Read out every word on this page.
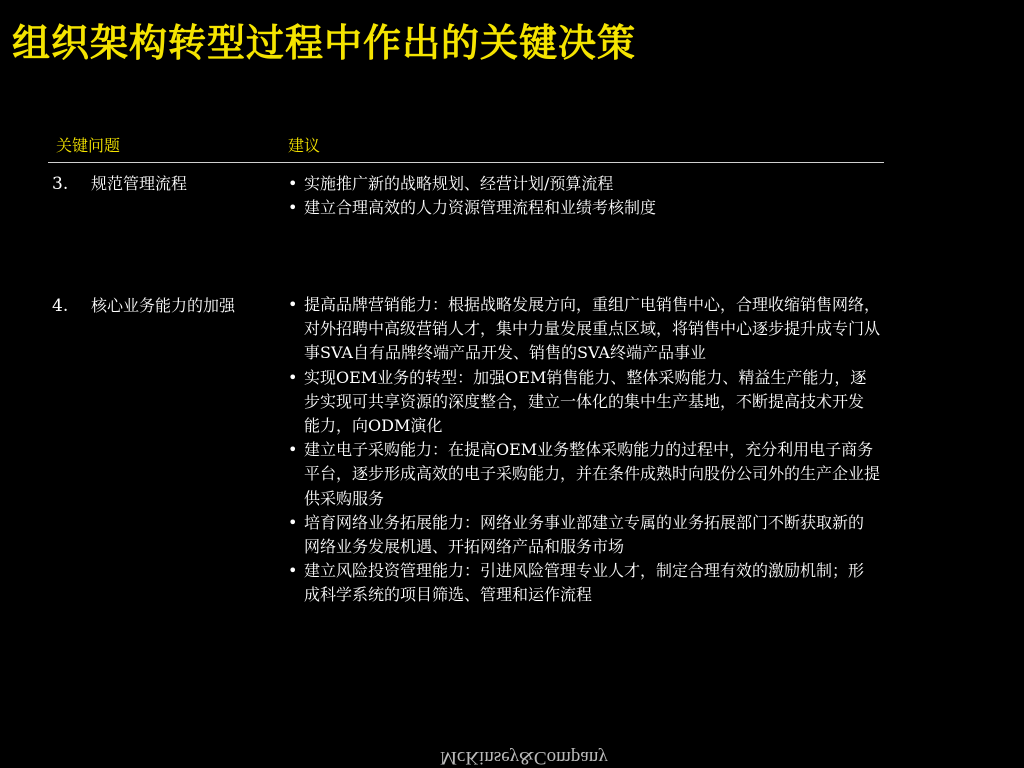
组织架构转型过程中作出的关键决策
关键问题	建议
3. 规范管理流程	• 实施推广新的战略规划、经营计划/预算流程
• 建立合理高效的人力资源管理流程和业绩考核制度
4. 核心业务能力的加强	• 提高品牌营销能力：根据战略发展方向，重组广电销售中心，合理收缩销售网络，对外招聘中高级营销人才，集中力量发展重点区域，将销售中心逐步提升成专门从事SVA自有品牌终端产品开发、销售的SVA终端产品事业
• 实现OEM业务的转型：加强OEM销售能力、整体采购能力、精益生产能力，逐步实现可共享资源的深度整合，建立一体化的集中生产基地，不断提高技术开发能力，向ODM演化
• 建立电子采购能力：在提高OEM业务整体采购能力的过程中，充分利用电子商务平台，逐步形成高效的电子采购能力，并在条件成熟时向股份公司外的生产企业提供采购服务
• 培育网络业务拓展能力：网络业务事业部建立专属的业务拓展部门不断获取新的网络业务发展机遇、开拓网络产品和服务市场
• 建立风险投资管理能力：引进风险管理专业人才，制定合理有效的激励机制；形成科学系统的项目筛选、管理和运作流程
McKinsey&Company
